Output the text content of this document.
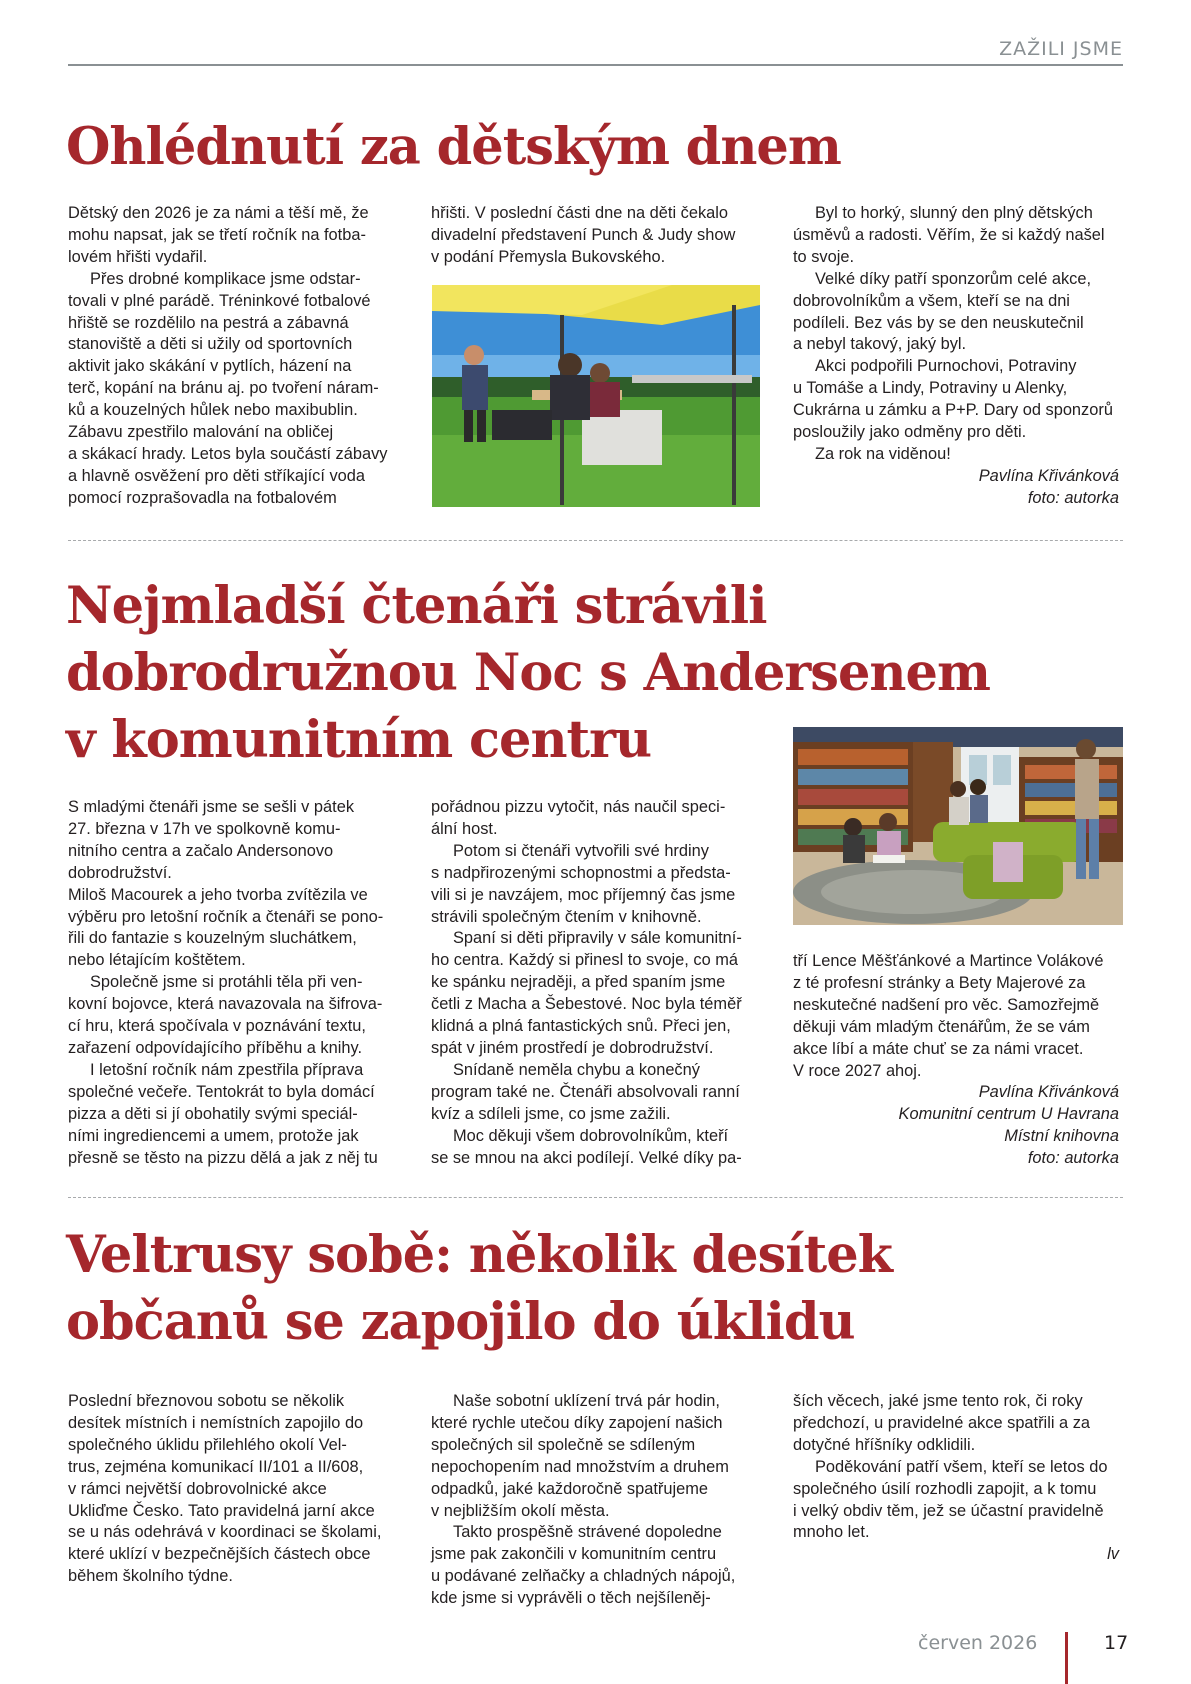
ZAŽILI JSME
Ohlédnutí za dětským dnem

Dětský den 2026 je za námi a těší mě, že

mohu napsat, jak se třetí ročník na fotba-

lovém hřišti vydařil.

Přes drobné komplikace jsme odstar-

tovali v plné parádě. Tréninkové fotbalové

hřiště se rozdělilo na pestrá a zábavná

stanoviště a děti si užily od sportovních

aktivit jako skákání v pytlích, házení na

terč, kopání na bránu aj. po tvoření náram-

ků a kouzelných hůlek nebo maxibublin.

Zábavu zpestřilo malování na obličej

a skákací hrady. Letos byla součástí zábavy

a hlavně osvěžení pro děti stříkající voda

pomocí rozprašovadla na fotbalovém

hřišti. V poslední části dne na děti čekalo

divadelní představení Punch & Judy show

v podání Přemysla Bukovského.

Byl to horký, slunný den plný dětských

úsměvů a radosti. Věřím, že si každý našel

to svoje.

Velké díky patří sponzorům celé akce,

dobrovolníkům a všem, kteří se na dni

podíleli. Bez vás by se den neuskutečnil

a nebyl takový, jaký byl.

Akci podpořili Purnochovi, Potraviny

u Tomáše a Lindy, Potraviny u Alenky,

Cukrárna u zámku a P+P. Dary od sponzorů

posloužily jako odměny pro děti.

Za rok na viděnou!

Pavlína Křivánková

foto: autorka

Nejmladší čtenáři strávili
dobrodružnou Noc s Andersenem
v komunitním centru

S mladými čtenáři jsme se sešli v pátek

27. března v 17h ve spolkovně komu-

nitního centra a začalo Andersonovo

dobrodružství.

Miloš Macourek a jeho tvorba zvítězila ve

výběru pro letošní ročník a čtenáři se pono-

řili do fantazie s kouzelným sluchátkem,

nebo létajícím koštětem.

Společně jsme si protáhli těla při ven-

kovní bojovce, která navazovala na šifrova-

cí hru, která spočívala v poznávání textu,

zařazení odpovídajícího příběhu a knihy.

I letošní ročník nám zpestřila příprava

společné večeře. Tentokrát to byla domácí

pizza a děti si jí obohatily svými speciál-

ními ingrediencemi a umem, protože jak

přesně se těsto na pizzu dělá a jak z něj tu

pořádnou pizzu vytočit, nás naučil speci-

ální host.

Potom si čtenáři vytvořili své hrdiny

s nadpřirozenými schopnostmi a předsta-

vili si je navzájem, moc příjemný čas jsme

strávili společným čtením v knihovně.

Spaní si děti připravily v sále komunitní-

ho centra. Každý si přinesl to svoje, co má

ke spánku nejraději, a před spaním jsme

četli z Macha a Šebestové. Noc byla téměř

klidná a plná fantastických snů. Přeci jen,

spát v jiném prostředí je dobrodružství.

Snídaně neměla chybu a konečný

program také ne. Čtenáři absolvovali ranní

kvíz a sdíleli jsme, co jsme zažili.

Moc děkuji všem dobrovolníkům, kteří

se se mnou na akci podílejí. Velké díky pa-

tří Lence Měšťánkové a Martince Volákové

z té profesní stránky a Bety Majerové za

neskutečné nadšení pro věc. Samozřejmě

děkuji vám mladým čtenářům, že se vám

akce líbí a máte chuť se za námi vracet.

V roce 2027 ahoj.

Pavlína Křivánková

Komunitní centrum U Havrana

Místní knihovna

foto: autorka

Veltrusy sobě: několik desítek
občanů se zapojilo do úklidu

Poslední březnovou sobotu se několik

desítek místních i nemístních zapojilo do

společného úklidu přilehlého okolí Vel-

trus, zejména komunikací II/101 a II/608,

v rámci největší dobrovolnické akce

Ukliďme Česko. Tato pravidelná jarní akce

se u nás odehrává v koordinaci se školami,

které uklízí v bezpečnějších částech obce

během školního týdne.

Naše sobotní uklízení trvá pár hodin,

které rychle utečou díky zapojení našich

společných sil společně se sdíleným

nepochopením nad množstvím a druhem

odpadků, jaké každoročně spatřujeme

v nejbližším okolí města.

Takto prospěšně strávené dopoledne

jsme pak zakončili v komunitním centru

u podávané zelňačky a chladných nápojů,

kde jsme si vyprávěli o těch nejšíleněj-

ších věcech, jaké jsme tento rok, či roky

předchozí, u pravidelné akce spatřili a za

dotyčné hříšníky odklidili.

Poděkování patří všem, kteří se letos do

společného úsilí rozhodli zapojit, a k tomu

i velký obdiv těm, jež se účastní pravidelně

mnoho let.

lv

červen 2026	17
